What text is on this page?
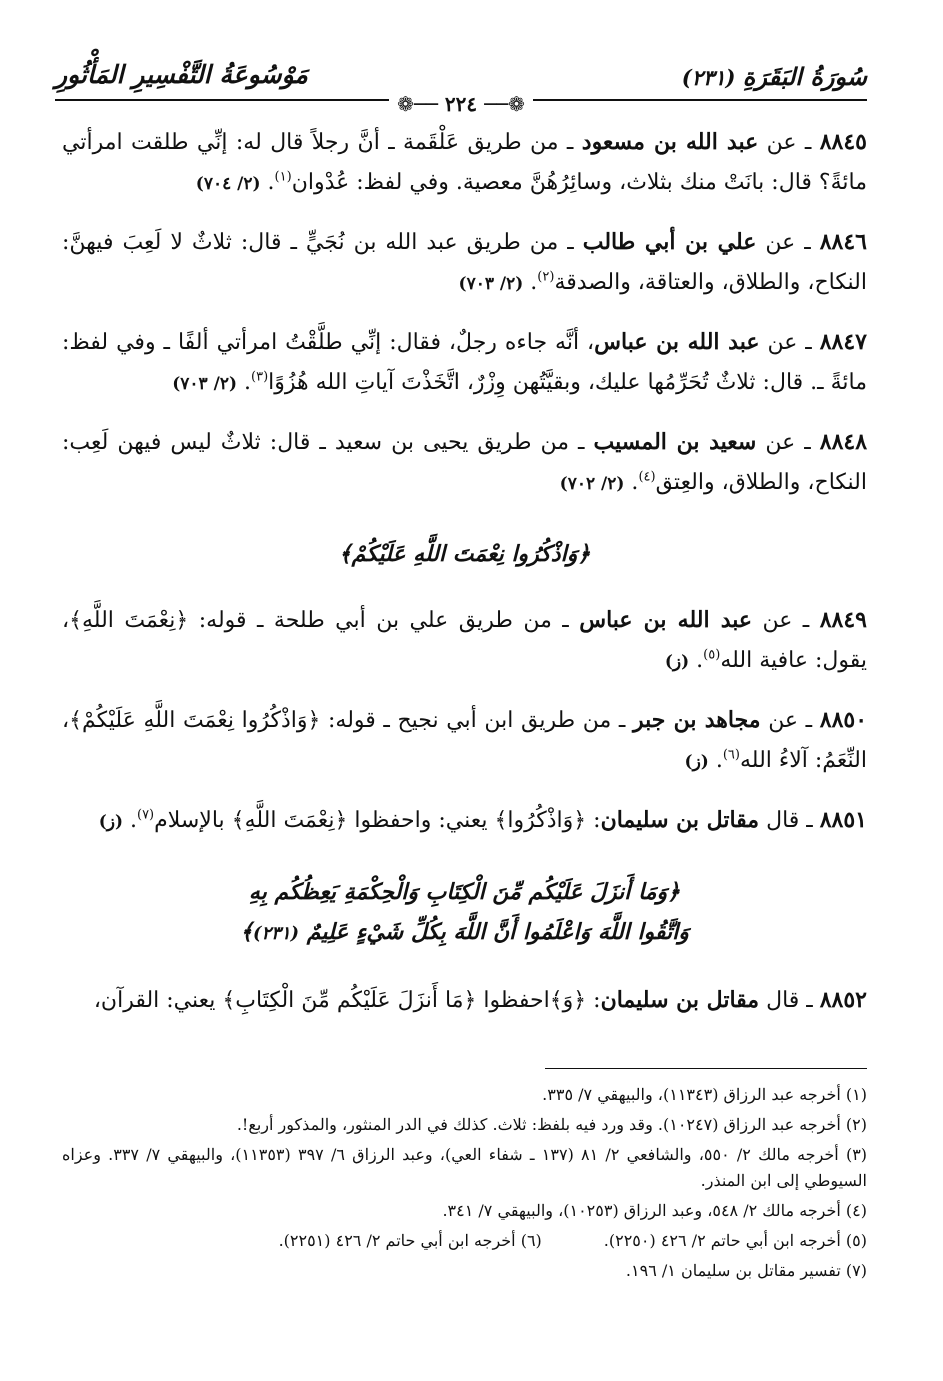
سُورَةُ البَقَرَةِ (٢٣١)
مَوْسُوعَةُ التَّفْسِيرِ المَأْثُورِ
❁── ٢٢٤ ──❁

٨٨٤٥ ـ عن عبد الله بن مسعود ـ من طريق عَلْقَمة ـ أنَّ رجلاً قال له: إنِّي طلقت امرأتي مائةً؟ قال: بانَتْ منك بثلاث، وسائِرُهُنَّ معصية. وفي لفظ: عُدْوان$^{(١)}$. (٢/ ٧٠٤)

٨٨٤٦ ـ عن علي بن أبي طالب ـ من طريق عبد الله بن نُجَيٍّ ـ قال: ثلاثٌ لا لَعِبَ فيهنَّ: النكاح، والطلاق، والعتاقة، والصدقة$^{(٢)}$. (٢/ ٧٠٣)

٨٨٤٧ ـ عن عبد الله بن عباس، أنَّه جاءه رجلٌ، فقال: إنِّي طلَّقْتُ امرأتي ألفًا ـ وفي لفظ: مائةً ـ. قال: ثلاثٌ تُحَرِّمُها عليك، وبقيَّتُهن وِزْرٌ، اتَّخَذْتَ آياتِ الله هُزُوًا$^{(٣)}$. (٢/ ٧٠٣)

٨٨٤٨ ـ عن سعيد بن المسيب ـ من طريق يحيى بن سعيد ـ قال: ثلاثٌ ليس فيهن لَعِب: النكاح، والطلاق، والعِتق$^{(٤)}$. (٢/ ٧٠٢)

﴿وَاذْكُرُوا نِعْمَتَ اللَّهِ عَلَيْكُمْ﴾

٨٨٤٩ ـ عن عبد الله بن عباس ـ من طريق علي بن أبي طلحة ـ قوله: ﴿نِعْمَتَ اللَّهِ﴾، يقول: عافية الله$^{(٥)}$. (ز)

٨٨٥٠ ـ عن مجاهد بن جبر ـ من طريق ابن أبي نجيح ـ قوله: ﴿وَاذْكُرُوا نِعْمَتَ اللَّهِ عَلَيْكُمْ﴾، النِّعَمُ: آلاءُ الله$^{(٦)}$. (ز)

٨٨٥١ ـ قال مقاتل بن سليمان: ﴿وَاذْكُرُوا﴾ يعني: واحفظوا ﴿نِعْمَتَ اللَّهِ﴾ بالإسلام$^{(٧)}$. (ز)

﴿وَمَا أَنزَلَ عَلَيْكُم مِّنَ الْكِتَابِ وَالْحِكْمَةِ يَعِظُكُم بِهِ
وَاتَّقُوا اللَّهَ وَاعْلَمُوا أَنَّ اللَّهَ بِكُلِّ شَيْءٍ عَلِيمٌ (٢٣١)﴾

٨٨٥٢ ـ قال مقاتل بن سليمان: ﴿وَ﴾احفظوا ﴿مَا أَنزَلَ عَلَيْكُم مِّنَ الْكِتَابِ﴾ يعني: القرآن،

(١) أخرجه عبد الرزاق (١١٣٤٣)، والبيهقي ٧/ ٣٣٥.
(٢) أخرجه عبد الرزاق (١٠٢٤٧). وقد ورد فيه بلفظ: ثلاث. كذلك في الدر المنثور، والمذكور أربع!.
(٣) أخرجه مالك ٢/ ٥٥٠، والشافعي ٢/ ٨١ (١٣٧ ـ شفاء العي)، وعبد الرزاق ٦/ ٣٩٧ (١١٣٥٣)، والبيهقي ٧/ ٣٣٧. وعزاه السيوطي إلى ابن المنذر.
(٤) أخرجه مالك ٢/ ٥٤٨، وعبد الرزاق (١٠٢٥٣)، والبيهقي ٧/ ٣٤١.
(٥) أخرجه ابن أبي حاتم ٢/ ٤٢٦ (٢٢٥٠).
(٦) أخرجه ابن أبي حاتم ٢/ ٤٢٦ (٢٢٥١).
(٧) تفسير مقاتل بن سليمان ١/ ١٩٦.
